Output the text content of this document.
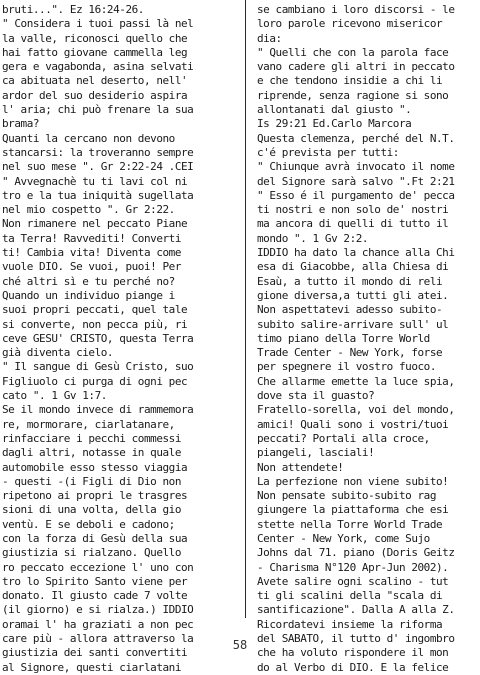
bruti...". Ez 16:24-26.
" Considera i tuoi passi là nel
la valle, riconosci quello che
hai fatto giovane cammella leg
gera e vagabonda, asina selvati
ca abituata nel deserto, nell'
ardor del suo desiderio aspira
l' aria; chi può frenare la sua
brama?
Quanti la cercano non devono
stancarsi: la troveranno sempre
nel suo mese ". Gr 2:22-24 .CEI
" Avvegnachè tu ti lavi col ni
tro e la tua iniquità sugellata
nel mio cospetto ". Gr 2:22.
Non rimanere nel peccato Piane
ta Terra! Ravvediti! Converti
ti! Cambia vita! Diventa come
vuole DIO. Se vuoi, puoi! Per
ché altri sì e tu perché no?
Quando un individuo piange i
suoi propri peccati, quel tale
si converte, non pecca più, ri
ceve GESU' CRISTO, questa Terra
già diventa cielo.
" Il sangue di Gesù Cristo, suo
Figliuolo ci purga di ogni pec
cato ". 1 Gv 1:7.
Se il mondo invece di rammemora
re, mormorare, ciarlatanare,
rinfacciare i pecchi commessi
dagli altri, notasse in quale
automobile esso stesso viaggia
- questi -(i Figli di Dio non
ripetono ai propri le trasgres
sioni di una volta, della gio
ventù. E se deboli e cadono;
con la forza di Gesù della sua
giustizia si rialzano. Quello
ro peccato eccezione l' uno con
tro lo Spirito Santo viene per
donato. Il giusto cade 7 volte
(il giorno) e si rialza.) IDDIO
oramai l' ha graziati a non pec
care più - allora attraverso la
giustizia dei santi convertiti
al Signore, questi ciarlatani
se cambiano i loro discorsi - le
loro parole ricevono misericor
dia:
" Quelli che con la parola face
vano cadere gli altri in peccato
e che tendono insidie a chi li
riprende, senza ragione si sono
allontanati dal giusto ".
Is 29:21 Ed.Carlo Marcora
Questa clemenza, perché del N.T.
c'é prevista per tutti:
" Chiunque avrà invocato il nome
del Signore sarà salvo ".Ft 2:21
" Esso é il purgamento de' pecca
ti nostri e non solo de' nostri
ma ancora di quelli di tutto il
mondo ". 1 Gv 2:2.
IDDIO ha dato la chance alla Chi
esa di Giacobbe, alla Chiesa di
Esaù, a tutto il mondo di reli
gione diversa,a tutti gli atei.
Non aspettatevi adesso subito-
subito salire-arrivare sull' ul
timo piano della Torre World
Trade Center - New York, forse
per spegnere il vostro fuoco.
Che allarme emette la luce spia,
dove sta il guasto?
Fratello-sorella, voi del mondo,
amici! Quali sono i vostri/tuoi
peccati? Portali alla croce,
piangeli, lasciali!
Non attendete!
La perfezione non viene subito!
Non pensate subito-subito rag
giungere la piattaforma che esi
stette nella Torre World Trade
Center - New York, come Sujo
Johns dal 71. piano (Doris Geitz
- Charisma N°120 Apr-Jun 2002).
Avete salire ogni scalino - tut
ti gli scalini della "scala di
santificazione". Dalla A alla Z.
Ricordatevi insieme la riforma
del SABATO, il tutto d' ingombro
che ha voluto rispondere il mon
do al Verbo di DIO. E la felice
58
